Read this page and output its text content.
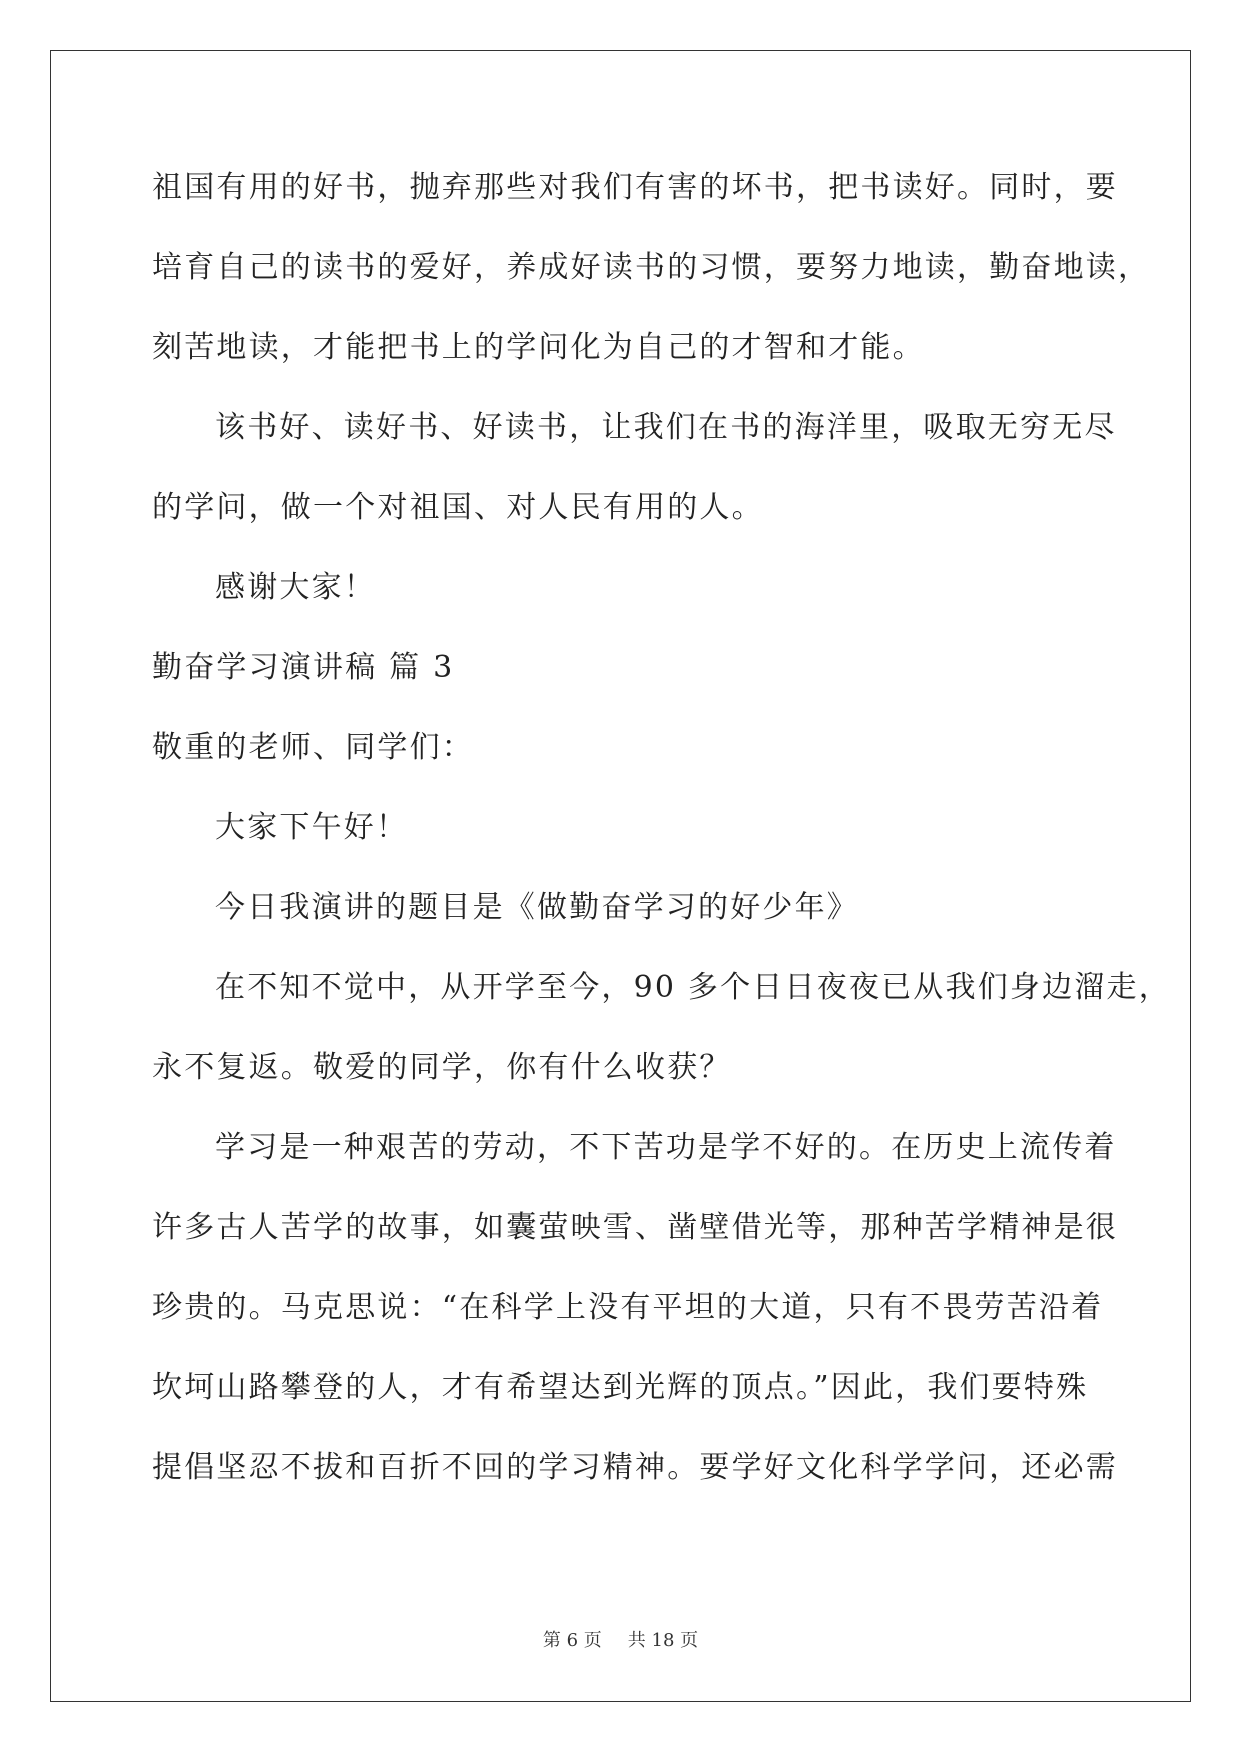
祖国有用的好书，抛弃那些对我们有害的坏书，把书读好。同时，要
培育自己的读书的爱好，养成好读书的习惯，要努力地读，勤奋地读，
刻苦地读，才能把书上的学问化为自己的才智和才能。
该书好、读好书、好读书，让我们在书的海洋里，吸取无穷无尽
的学问，做一个对祖国、对人民有用的人。
感谢大家！
勤奋学习演讲稿 篇 3
敬重的老师、同学们：
大家下午好！
今日我演讲的题目是《做勤奋学习的好少年》
在不知不觉中，从开学至今，90 多个日日夜夜已从我们身边溜走，
永不复返。敬爱的同学，你有什么收获？
学习是一种艰苦的劳动，不下苦功是学不好的。在历史上流传着
许多古人苦学的故事，如囊萤映雪、凿壁借光等，那种苦学精神是很
珍贵的。马克思说：“在科学上没有平坦的大道，只有不畏劳苦沿着
坎坷山路攀登的人，才有希望达到光辉的顶点。”因此，我们要特殊
提倡坚忍不拔和百折不回的学习精神。要学好文化科学学问，还必需
第 6 页 共 18 页
